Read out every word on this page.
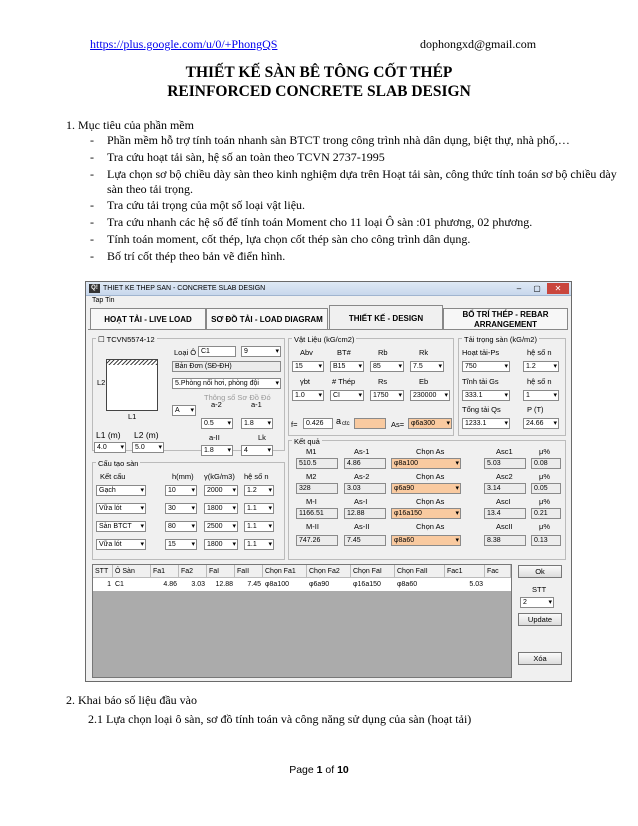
https://plus.google.com/u/0/+PhongQS	dophongxd@gmail.com
THIẾT KẾ SÀN BÊ TÔNG CỐT THÉP
REINFORCED CONCRETE SLAB DESIGN
1. Mục tiêu của phần mềm
- Phần mềm hỗ trợ tính toán nhanh sàn BTCT trong công trình nhà dân dụng, biệt thự, nhà phố,…
- Tra cứu hoạt tải sàn, hệ số an toàn theo TCVN 2737-1995
- Lựa chọn sơ bộ chiều dày sàn theo kinh nghiệm dựa trên Hoạt tải sàn, công thức tính toán sơ bộ chiều dày sàn theo tải trọng.
- Tra cứu tải trọng của một số loại vật liệu.
- Tra cứu nhanh các hệ số để tính toán Moment cho 11 loại Ô sàn :01 phương, 02 phương.
- Tính toán moment, cốt thép, lựa chọn cốt thép sàn cho công trình dân dụng.
- Bố trí cốt thép theo bản vẽ điển hình.
Q! THIET KE THEP SAN - CONCRETE SLAB DESIGN	–	▢	✕
Tap Tin
HOẠT TẢI - LIVE LOAD	SƠ ĐỒ TẢI - LOAD DIAGRAM	THIẾT KẾ - DESIGN	BỐ TRÍ THÉP - REBAR ARRANGEMENT
☐ TCVN5574-12
Loại Ô C1	9 ▾
Bản Đơn (SĐ-ĐH)
5.Phòng nối hơi, phòng đội ▾
L2
L1
Thông số Sơ Đồ Đó
A ▾
a-2	a-1
0.5 ▾	1.8 ▾
a-II	Lk
1.8 ▾	4 ▾
L1 (m) L2 (m)
4.0 ▾	5.0 ▾
Cấu tạo sàn
Kết cấu	h(mm) γ(kG/m3) hệ số n
Gạch ▾	10 ▾	2000 ▾	1.2 ▾
Vữa lót ▾	30 ▾	1800 ▾	1.1 ▾
Sàn BTCT ▾	80 ▾	2500 ▾	1.1 ▾
Vữa lót ▾	15 ▾	1800 ▾	1.1 ▾
Vật Liệu (kG/cm2)
Abv	BT#	Rb	Rk
15 ▾	B15 ▾	85 ▾	7.5 ▾
γbt	# Thép	Rs	Eb
1.0 ▾	CI ▾	1750 ▾	230000 ▾
f=	0.426	a ctc	As= φ6a300 ▾
Tải trọng sàn (kG/m2)
Hoạt tải-Ps	hệ số n
750 ▾	1.2 ▾
Tĩnh tải Gs	hệ số n
333.1 ▾	1 ▾
Tổng tải Qs	P (T)
1233.1 ▾	24.66 ▾
Kết quả
M1	As-1	Chọn As	Asc1	μ%
510.5	4.86	φ8a100 ▾	5.03	0.08
M2	As-2	Chọn As	Asc2	μ%
328	3.03	φ6a90 ▾	3.14	0.05
M-I	As-I	Chọn As	AscI	μ%
1166.51	12.88	φ16a150 ▾	13.4	0.21
M-II	As-II	Chọn As	AscII	μ%
747.26	7.45	φ8a60 ▾	8.38	0.13
STT Ô Sàn	Fa1	Fa2	FaI	FaII	Chọn Fa1	Chọn Fa2	Chọn FaI	Chọn FaII	Fac1	Fac
1 C1	4.86	3.03	12.88	7.45 φ8a100	φ6a90	φ16a150	φ8a60	5.03
Ok
STT
2 ▾
Update
Xóa
2. Khai báo số liệu đầu vào
2.1 Lựa chọn loại ô sàn, sơ đồ tính toán và công năng sử dụng của sàn (hoạt tải)
Page 1 of 10
